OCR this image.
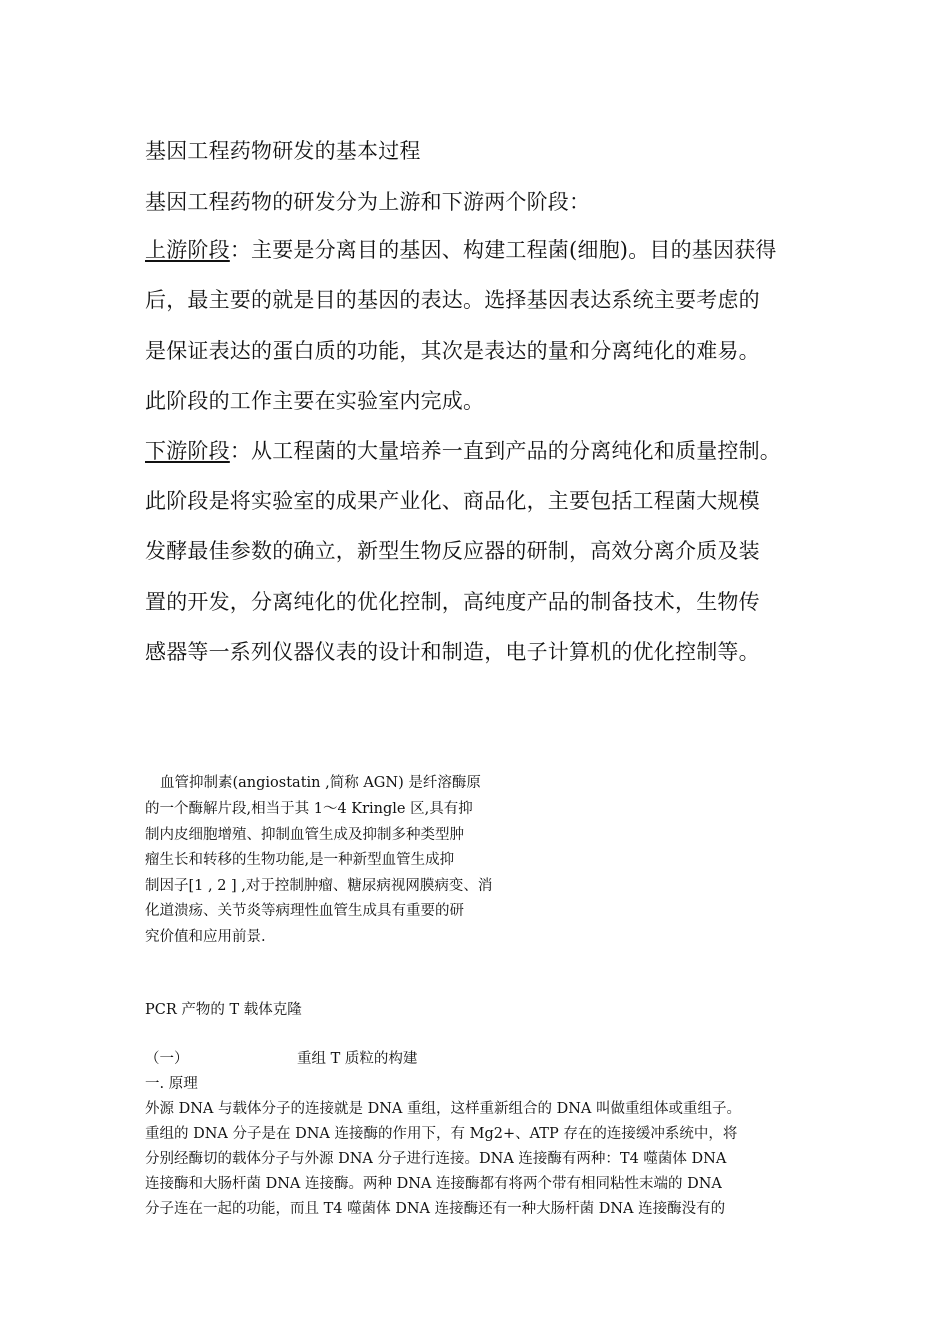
基因工程药物研发的基本过程
基因工程药物的研发分为上游和下游两个阶段：
上游阶段：主要是分离目的基因、构建工程菌(细胞)。目的基因获得
后，最主要的就是目的基因的表达。选择基因表达系统主要考虑的
是保证表达的蛋白质的功能，其次是表达的量和分离纯化的难易。
此阶段的工作主要在实验室内完成。
下游阶段：从工程菌的大量培养一直到产品的分离纯化和质量控制。
此阶段是将实验室的成果产业化、商品化，主要包括工程菌大规模
发酵最佳参数的确立，新型生物反应器的研制，高效分离介质及装
置的开发，分离纯化的优化控制，高纯度产品的制备技术，生物传
感器等一系列仪器仪表的设计和制造，电子计算机的优化控制等。
血管抑制素(angiostatin ,简称 AGN) 是纤溶酶原
的一个酶解片段,相当于其 1～4 Kringle 区,具有抑
制内皮细胞增殖、抑制血管生成及抑制多种类型肿
瘤生长和转移的生物功能,是一种新型血管生成抑
制因子[1 , 2 ] ,对于控制肿瘤、糖尿病视网膜病变、消
化道溃疡、关节炎等病理性血管生成具有重要的研
究价值和应用前景.
PCR 产物的 T 载体克隆
（一）	重组 T 质粒的构建
一. 原理
外源 DNA 与载体分子的连接就是 DNA 重组，这样重新组合的 DNA 叫做重组体或重组子。
重组的 DNA 分子是在 DNA 连接酶的作用下，有 Mg2+、ATP 存在的连接缓冲系统中，将
分别经酶切的载体分子与外源 DNA 分子进行连接。DNA 连接酶有两种：T4 噬菌体 DNA
连接酶和大肠杆菌 DNA 连接酶。两种 DNA 连接酶都有将两个带有相同粘性末端的 DNA
分子连在一起的功能，而且 T4 噬菌体 DNA 连接酶还有一种大肠杆菌 DNA 连接酶没有的
